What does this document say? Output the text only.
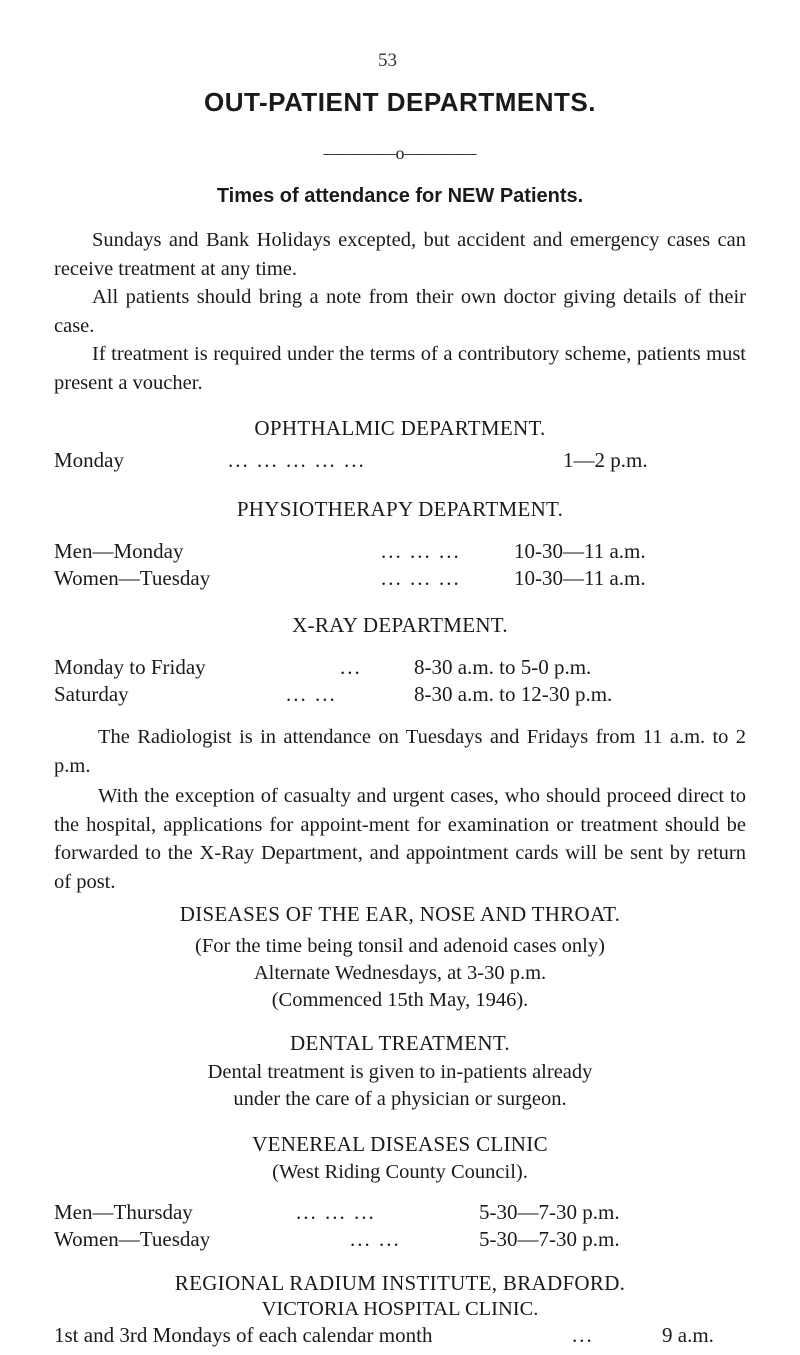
53
OUT-PATIENT DEPARTMENTS.
————o————
Times of attendance for NEW Patients.
Sundays and Bank Holidays excepted, but accident and emergency cases can receive treatment at any time.
All patients should bring a note from their own doctor giving details of their case.
If treatment is required under the terms of a contributory scheme, patients must present a voucher.
OPHTHALMIC DEPARTMENT.
Monday	... ... ... ... ...	1—2 p.m.
PHYSIOTHERAPY DEPARTMENT.
Men—Monday	... ... ...	10-30—11 a.m.
Women—Tuesday	... ... ...	10-30—11 a.m.
X-RAY DEPARTMENT.
Monday to Friday	... 8-30 a.m. to 5-0 p.m.
Saturday	... ...	8-30 a.m. to 12-30 p.m.
The Radiologist is in attendance on Tuesdays and Fridays from 11 a.m. to 2 p.m.
With the exception of casualty and urgent cases, who should proceed direct to the hospital, applications for appoint-ment for examination or treatment should be forwarded to the X-Ray Department, and appointment cards will be sent by return of post.
DISEASES OF THE EAR, NOSE AND THROAT.
(For the time being tonsil and adenoid cases only)
Alternate Wednesdays, at 3-30 p.m.
(Commenced 15th May, 1946).
DENTAL TREATMENT.
Dental treatment is given to in-patients already
under the care of a physician or surgeon.
VENEREAL DISEASES CLINIC
(West Riding County Council).
Men—Thursday	... ... ...	5-30—7-30 p.m.
Women—Tuesday	... ...	5-30—7-30 p.m.
REGIONAL RADIUM INSTITUTE, BRADFORD.
VICTORIA HOSPITAL CLINIC.
1st and 3rd Mondays of each calendar month	...	9 a.m.
